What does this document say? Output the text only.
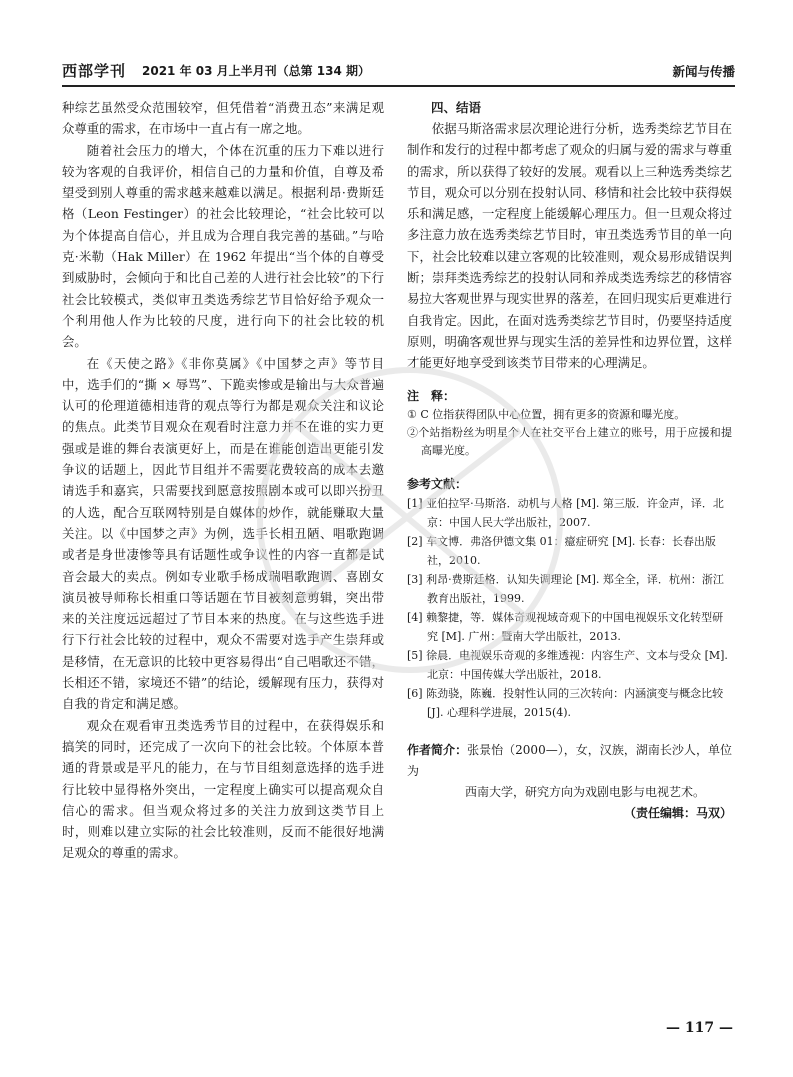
西部学刊 2021 年 03 月上半月刊（总第 134 期）	新闻与传播

种综艺虽然受众范围较窄，但凭借着“消费丑态”来满足观众尊重的需求，在市场中一直占有一席之地。

随着社会压力的增大，个体在沉重的压力下难以进行较为客观的自我评价，相信自己的力量和价值，自尊及希望受到别人尊重的需求越来越难以满足。根据利昂·费斯廷格（Leon Festinger）的社会比较理论，“社会比较可以为个体提高自信心，并且成为合理自我完善的基础。”与哈克·米勒（Hak Miller）在 1962 年提出“当个体的自尊受到威胁时，会倾向于和比自己差的人进行社会比较”的下行社会比较模式，类似审丑类选秀综艺节目恰好给予观众一个利用他人作为比较的尺度，进行向下的社会比较的机会。

在《天使之路》《非你莫属》《中国梦之声》等节目中，选手们的“撕 × 辱骂”、下跪卖惨或是输出与大众普遍认可的伦理道德相违背的观点等行为都是观众关注和议论的焦点。此类节目观众在观看时注意力并不在谁的实力更强或是谁的舞台表演更好上，而是在谁能创造出更能引发争议的话题上，因此节目组并不需要花费较高的成本去邀请选手和嘉宾，只需要找到愿意按照剧本或可以即兴扮丑的人选，配合互联网特别是自媒体的炒作，就能赚取大量关注。以《中国梦之声》为例，选手长相丑陋、唱歌跑调或者是身世凄惨等具有话题性或争议性的内容一直都是试音会最大的卖点。例如专业歌手杨成瑞唱歌跑调、喜剧女演员被导师称长相重口等话题在节目被刻意剪辑，突出带来的关注度远远超过了节目本来的热度。在与这些选手进行下行社会比较的过程中，观众不需要对选手产生崇拜或是移情，在无意识的比较中更容易得出“自己唱歌还不错，长相还不错，家境还不错”的结论，缓解现有压力，获得对自我的肯定和满足感。

观众在观看审丑类选秀节目的过程中，在获得娱乐和搞笑的同时，还完成了一次向下的社会比较。个体原本普通的背景或是平凡的能力，在与节目组刻意选择的选手进行比较中显得格外突出，一定程度上确实可以提高观众自信心的需求。但当观众将过多的关注力放到这类节目上时，则难以建立实际的社会比较准则，反而不能很好地满足观众的尊重的需求。

四、结语

依据马斯洛需求层次理论进行分析，选秀类综艺节目在制作和发行的过程中都考虑了观众的归属与爱的需求与尊重的需求，所以获得了较好的发展。观看以上三种选秀类综艺节目，观众可以分别在投射认同、移情和社会比较中获得娱乐和满足感，一定程度上能缓解心理压力。但一旦观众将过多注意力放在选秀类综艺节目时，审丑类选秀节目的单一向下，社会比较难以建立客观的比较准则，观众易形成错误判断；崇拜类选秀综艺的投射认同和养成类选秀综艺的移情容易拉大客观世界与现实世界的落差，在回归现实后更难进行自我肯定。因此，在面对选秀类综艺节目时，仍要坚持适度原则，明确客观世界与现实生活的差异性和边界位置，这样才能更好地享受到该类节目带来的心理满足。

注　释：
① C 位指获得团队中心位置，拥有更多的资源和曝光度。
②个站指粉丝为明星个人在社交平台上建立的账号，用于应援和提高曝光度。
参考文献：
[1] 亚伯拉罕·马斯洛．动机与人格 [M]. 第三版．许金声，译．北京：中国人民大学出版社，2007.
[2] 车文博．弗洛伊德文集 01：癔症研究 [M]. 长春：长春出版社，2010.
[3] 利昂·费斯廷格．认知失调理论 [M]. 郑全全，译．杭州：浙江教育出版社，1999.
[4] 赖黎捷，等．媒体奇观视域奇观下的中国电视娱乐文化转型研究 [M]. 广州：暨南大学出版社，2013.
[5] 徐晨．电视娱乐奇观的多维透视：内容生产、文本与受众 [M]. 北京：中国传媒大学出版社，2018.
[6] 陈劲骁，陈巍．投射性认同的三次转向：内涵演变与概念比较 [J]. 心理科学进展，2015(4).
作者简介：张景怡（2000—），女，汉族，湖南长沙人，单位为
西南大学，研究方向为戏剧电影与电视艺术。
（责任编辑：马双）
— 117 —
